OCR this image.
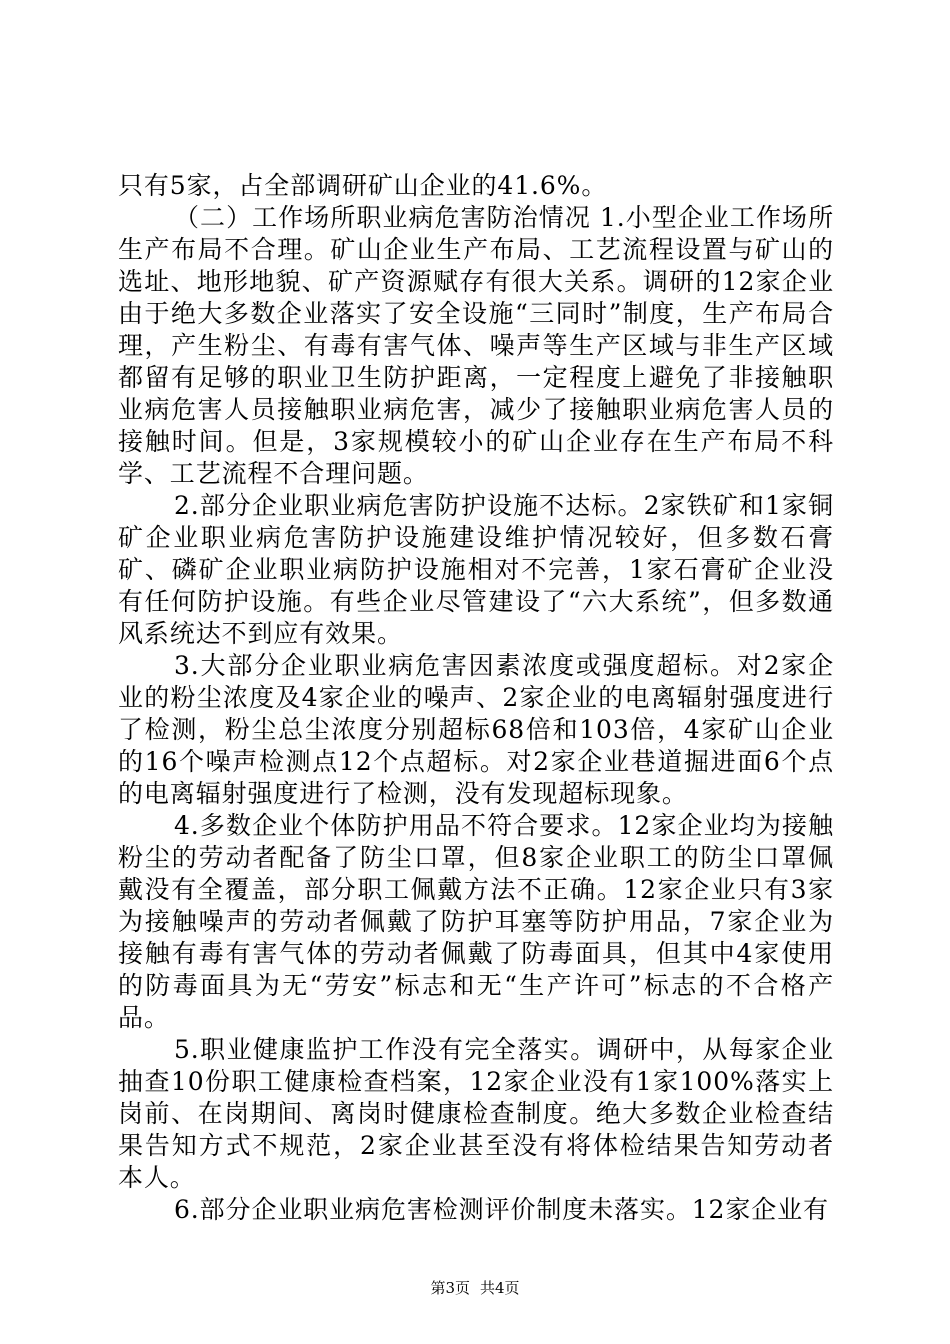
只有5家，占全部调研矿山企业的41.6%。

（二）工作场所职业病危害防治情况 1.小型企业工作场所生产布局不合理。矿山企业生产布局、工艺流程设置与矿山的选址、地形地貌、矿产资源赋存有很大关系。调研的12家企业由于绝大多数企业落实了安全设施“三同时”制度，生产布局合理，产生粉尘、有毒有害气体、噪声等生产区域与非生产区域都留有足够的职业卫生防护距离，一定程度上避免了非接触职业病危害人员接触职业病危害，减少了接触职业病危害人员的接触时间。但是，3家规模较小的矿山企业存在生产布局不科学、工艺流程不合理问题。

2.部分企业职业病危害防护设施不达标。2家铁矿和1家铜矿企业职业病危害防护设施建设维护情况较好，但多数石膏矿、磷矿企业职业病防护设施相对不完善，1家石膏矿企业没有任何防护设施。有些企业尽管建设了“六大系统”，但多数通风系统达不到应有效果。

3.大部分企业职业病危害因素浓度或强度超标。对2家企业的粉尘浓度及4家企业的噪声、2家企业的电离辐射强度进行了检测，粉尘总尘浓度分别超标68倍和103倍，4家矿山企业的16个噪声检测点12个点超标。对2家企业巷道掘进面6个点的电离辐射强度进行了检测，没有发现超标现象。

4.多数企业个体防护用品不符合要求。12家企业均为接触粉尘的劳动者配备了防尘口罩，但8家企业职工的防尘口罩佩戴没有全覆盖，部分职工佩戴方法不正确。12家企业只有3家为接触噪声的劳动者佩戴了防护耳塞等防护用品，7家企业为接触有毒有害气体的劳动者佩戴了防毒面具，但其中4家使用的防毒面具为无“劳安”标志和无“生产许可”标志的不合格产品。

5.职业健康监护工作没有完全落实。调研中，从每家企业抽查10份职工健康检查档案，12家企业没有1家100%落实上岗前、在岗期间、离岗时健康检查制度。绝大多数企业检查结果告知方式不规范，2家企业甚至没有将体检结果告知劳动者本人。

6.部分企业职业病危害检测评价制度未落实。12家企业有

第3页 共4页
